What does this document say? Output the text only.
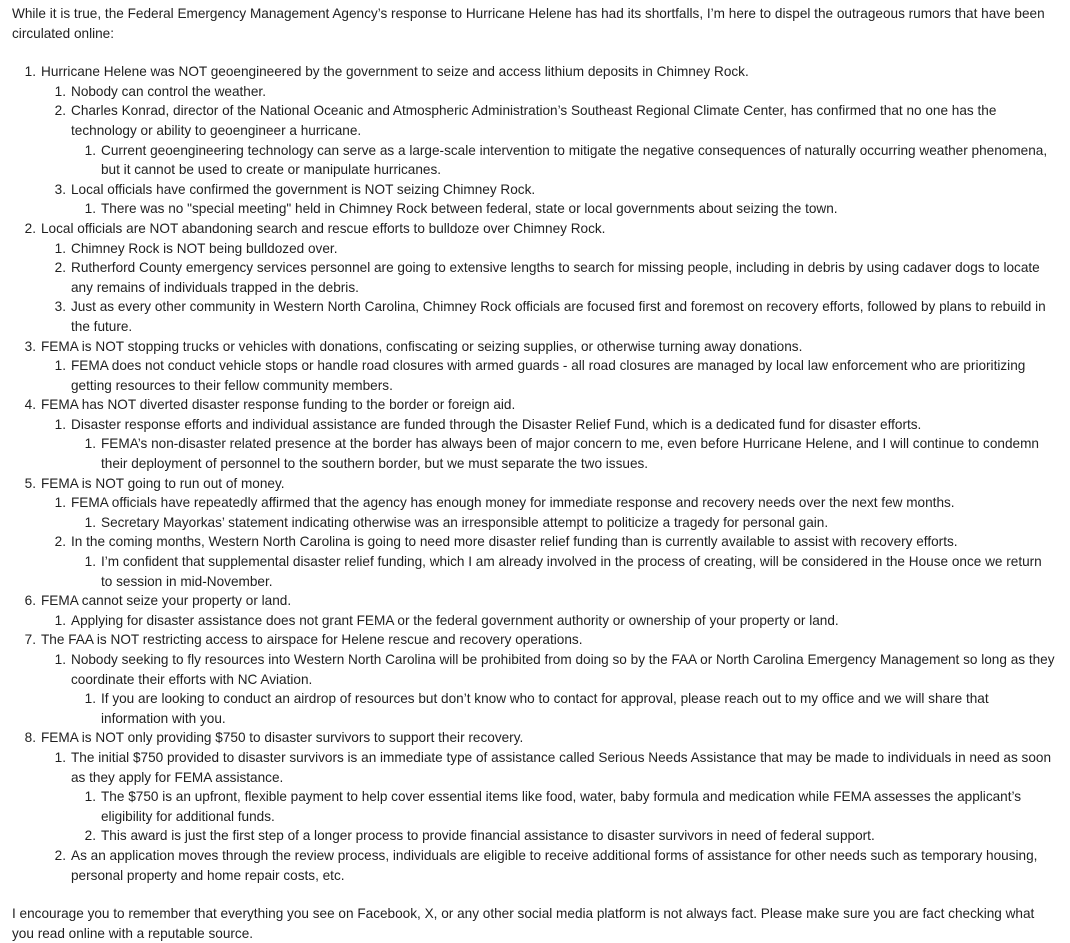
While it is true, the Federal Emergency Management Agency’s response to Hurricane Helene has had its shortfalls, I’m here to dispel the outrageous rumors that have been circulated online:

1. Hurricane Helene was NOT geoengineered by the government to seize and access lithium deposits in Chimney Rock.
1. Nobody can control the weather.
2. Charles Konrad, director of the National Oceanic and Atmospheric Administration’s Southeast Regional Climate Center, has confirmed that no one has the technology or ability to geoengineer a hurricane.
1. Current geoengineering technology can serve as a large-scale intervention to mitigate the negative consequences of naturally occurring weather phenomena, but it cannot be used to create or manipulate hurricanes.
3. Local officials have confirmed the government is NOT seizing Chimney Rock.
1. There was no "special meeting" held in Chimney Rock between federal, state or local governments about seizing the town.
2. Local officials are NOT abandoning search and rescue efforts to bulldoze over Chimney Rock.
1. Chimney Rock is NOT being bulldozed over.
2. Rutherford County emergency services personnel are going to extensive lengths to search for missing people, including in debris by using cadaver dogs to locate any remains of individuals trapped in the debris.
3. Just as every other community in Western North Carolina, Chimney Rock officials are focused first and foremost on recovery efforts, followed by plans to rebuild in the future.
3. FEMA is NOT stopping trucks or vehicles with donations, confiscating or seizing supplies, or otherwise turning away donations.
1. FEMA does not conduct vehicle stops or handle road closures with armed guards - all road closures are managed by local law enforcement who are prioritizing getting resources to their fellow community members.
4. FEMA has NOT diverted disaster response funding to the border or foreign aid.
1. Disaster response efforts and individual assistance are funded through the Disaster Relief Fund, which is a dedicated fund for disaster efforts.
1. FEMA’s non-disaster related presence at the border has always been of major concern to me, even before Hurricane Helene, and I will continue to condemn their deployment of personnel to the southern border, but we must separate the two issues.
5. FEMA is NOT going to run out of money.
1. FEMA officials have repeatedly affirmed that the agency has enough money for immediate response and recovery needs over the next few months.
1. Secretary Mayorkas’ statement indicating otherwise was an irresponsible attempt to politicize a tragedy for personal gain.
2. In the coming months, Western North Carolina is going to need more disaster relief funding than is currently available to assist with recovery efforts.
1. I’m confident that supplemental disaster relief funding, which I am already involved in the process of creating, will be considered in the House once we return to session in mid-November.
6. FEMA cannot seize your property or land.
1. Applying for disaster assistance does not grant FEMA or the federal government authority or ownership of your property or land.
7. The FAA is NOT restricting access to airspace for Helene rescue and recovery operations.
1. Nobody seeking to fly resources into Western North Carolina will be prohibited from doing so by the FAA or North Carolina Emergency Management so long as they coordinate their efforts with NC Aviation.
1. If you are looking to conduct an airdrop of resources but don’t know who to contact for approval, please reach out to my office and we will share that information with you.
8. FEMA is NOT only providing $750 to disaster survivors to support their recovery.
1. The initial $750 provided to disaster survivors is an immediate type of assistance called Serious Needs Assistance that may be made to individuals in need as soon as they apply for FEMA assistance.
1. The $750 is an upfront, flexible payment to help cover essential items like food, water, baby formula and medication while FEMA assesses the applicant’s eligibility for additional funds.
2. This award is just the first step of a longer process to provide financial assistance to disaster survivors in need of federal support.
2. As an application moves through the review process, individuals are eligible to receive additional forms of assistance for other needs such as temporary housing, personal property and home repair costs, etc.

I encourage you to remember that everything you see on Facebook, X, or any other social media platform is not always fact. Please make sure you are fact checking what you read online with a reputable source.
